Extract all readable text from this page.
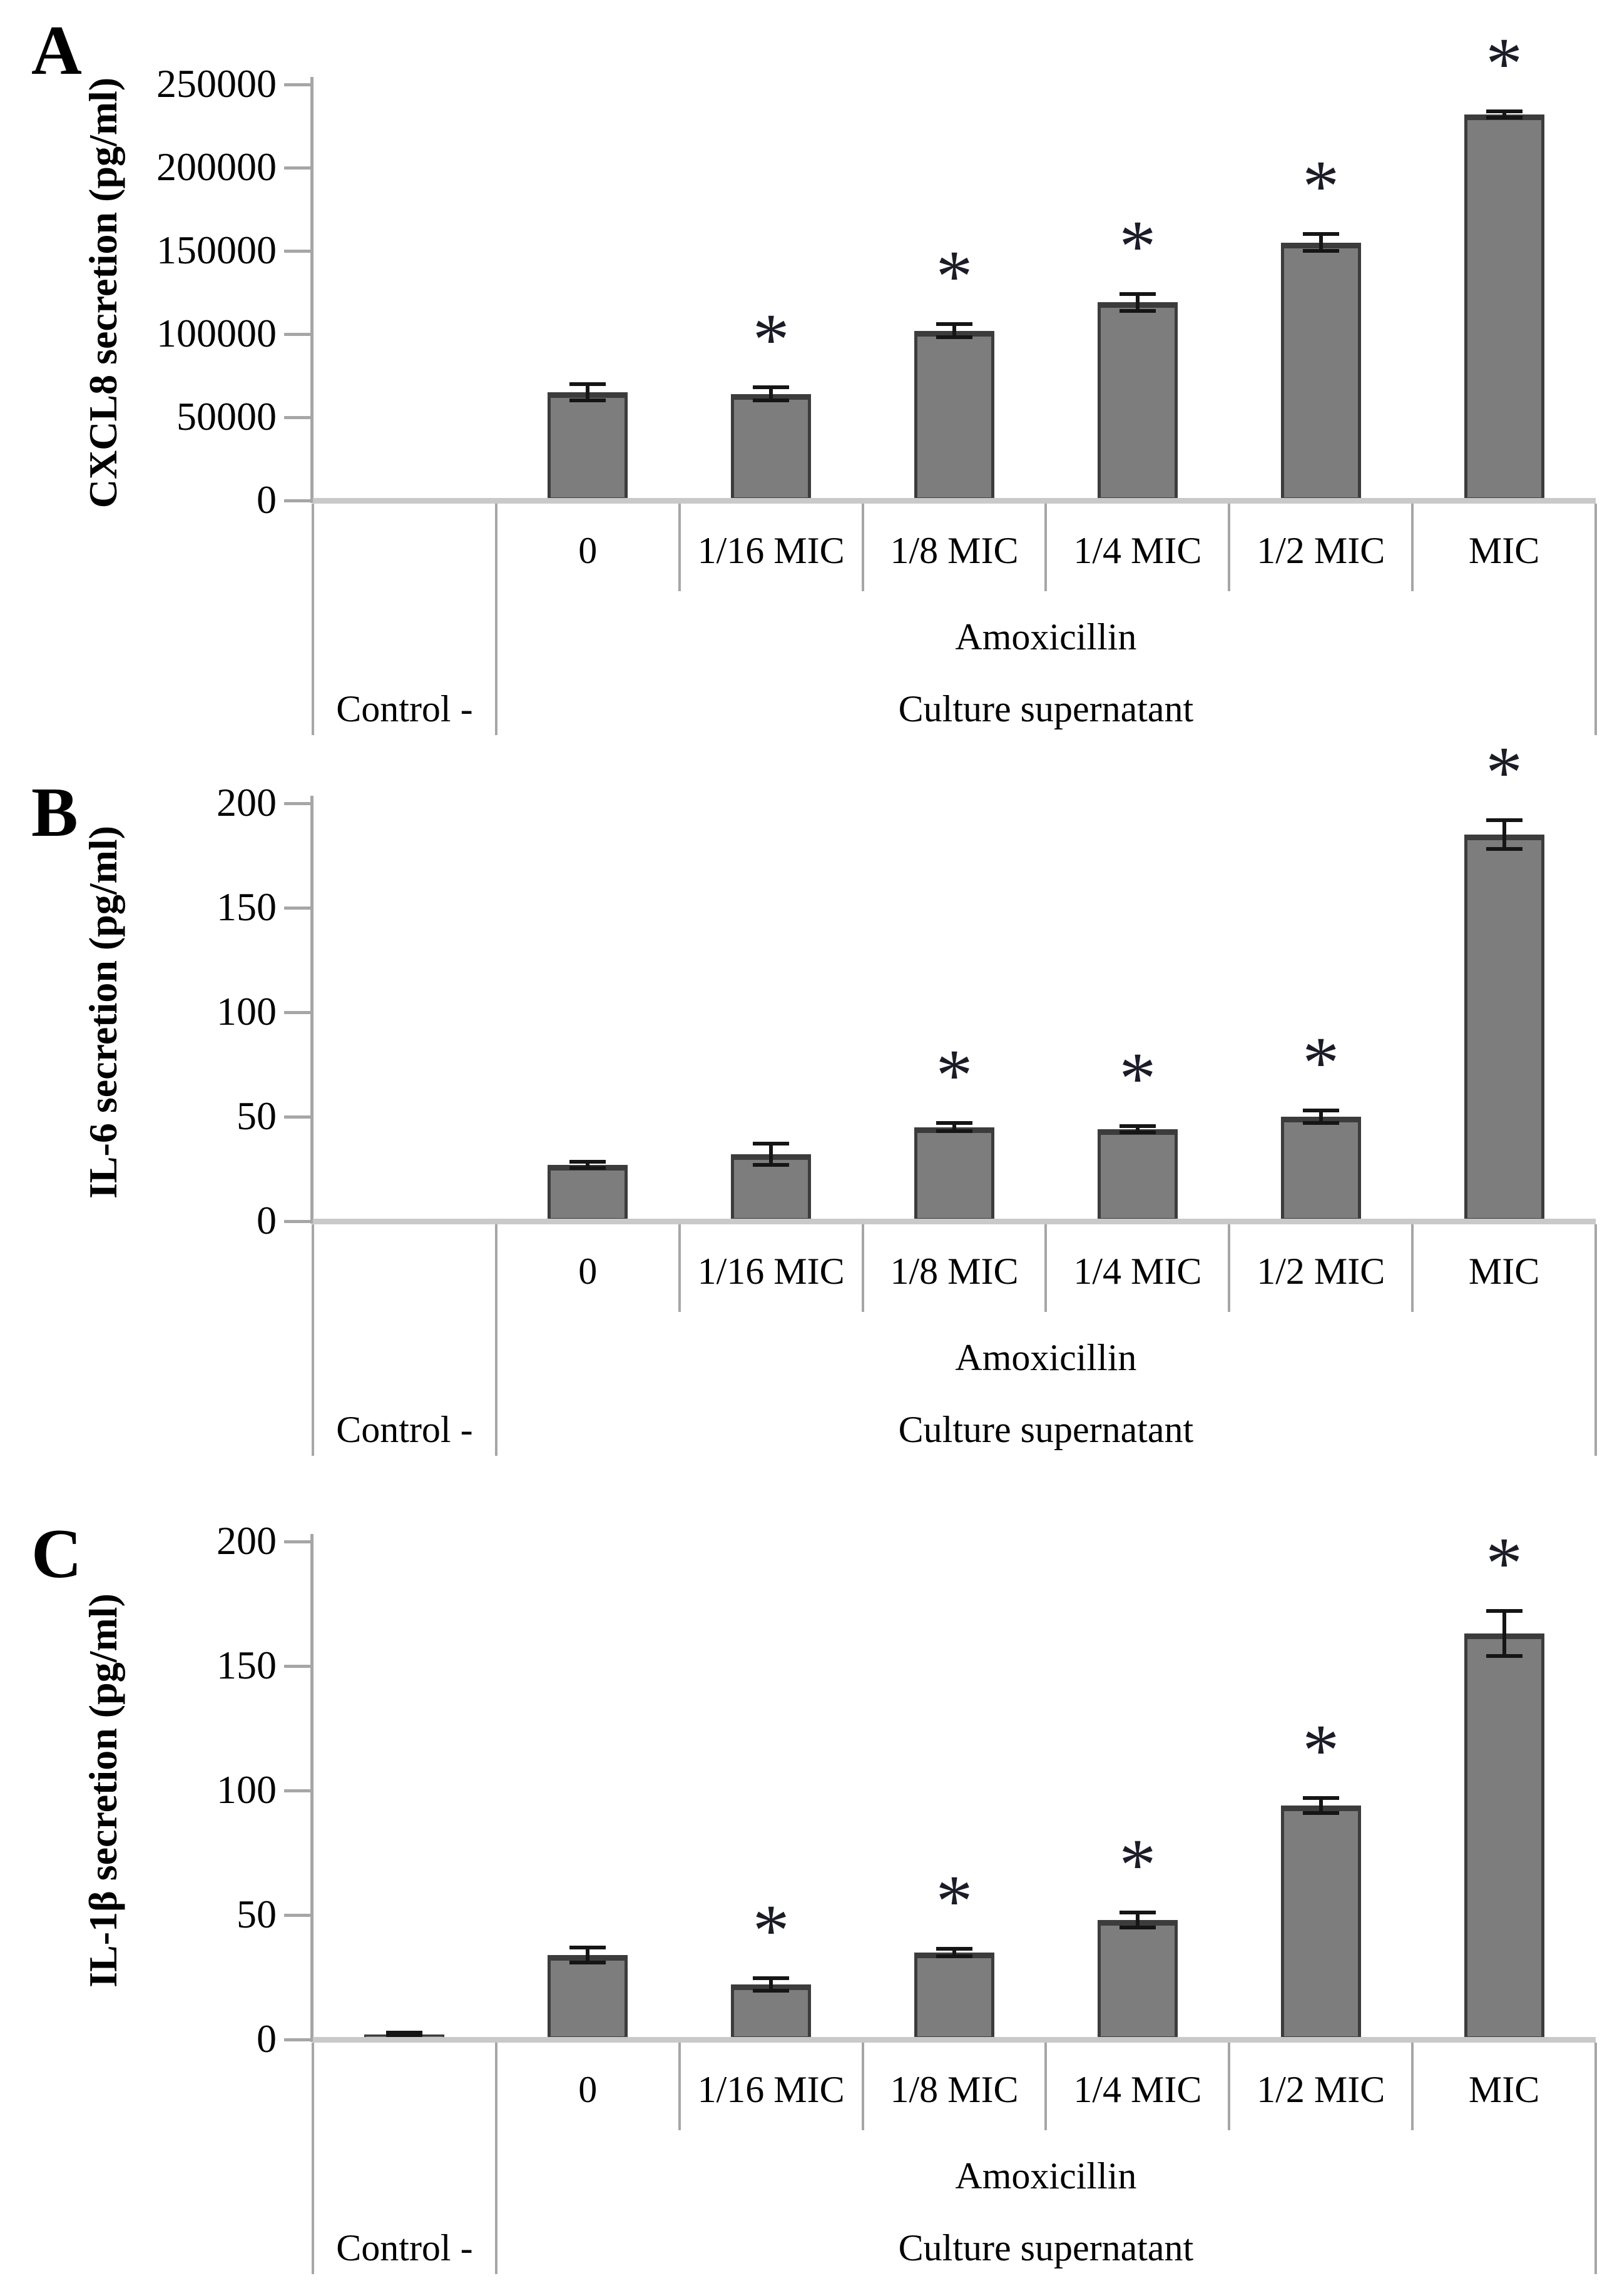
A
CXCL8 secretion (pg/ml)	0
50000
100000
150000
200000
250000
*
*	*
*
*
0	1/16 MIC	1/8 MIC	1/4 MIC	1/2 MIC	MIC
Amoxicillin
Control -	Culture supernatant
B
IL-6 secretion (pg/ml)
0
50
100
150
200
*	*	*
*
0	1/16 MIC	1/8 MIC	1/4 MIC	1/2 MIC	MIC
Amoxicillin
Control -	Culture supernatant
C
IL-1β secretion (pg/ml)
0
50
100
150
200
*	*	*
*
*
0	1/16 MIC	1/8 MIC	1/4 MIC	1/2 MIC	MIC
Amoxicillin
Control -	Culture supernatant
